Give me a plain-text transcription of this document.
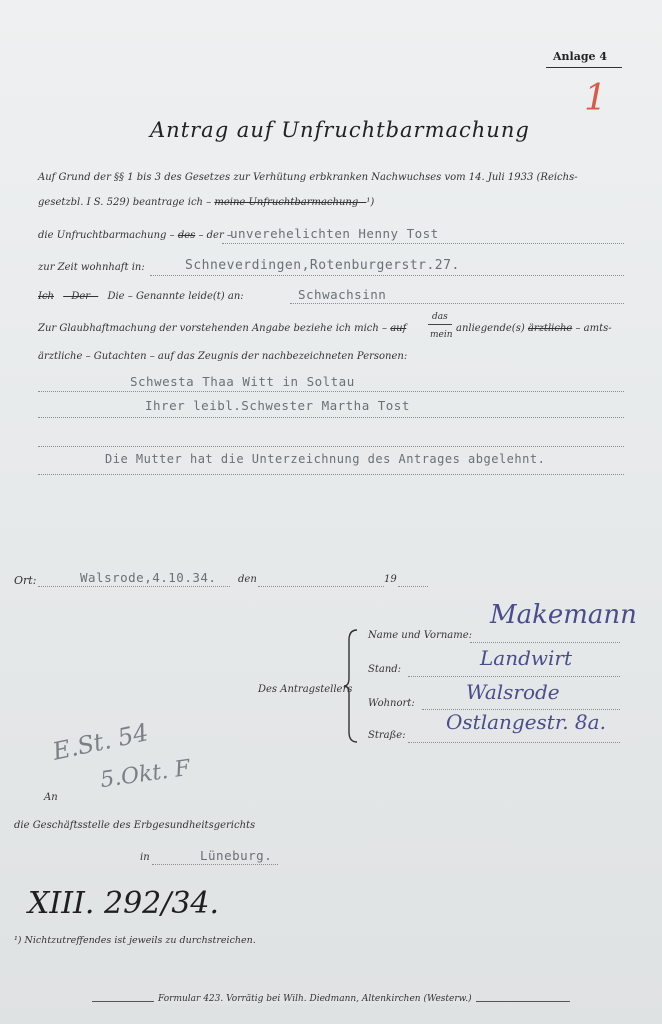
Anlage 4
1
Antrag auf Unfruchtbarmachung
Auf Grund der §§ 1 bis 3 des Gesetzes zur Verhütung erbkranken Nachwuchses vom 14. Juli 1933 (Reichs-
gesetzbl. I S. 529) beantrage ich – meine Unfruchtbarmachung –¹)
die Unfruchtbarmachung – des – der –
unverehelichten Henny Tost
zur Zeit wohnhaft in:	Schneverdingen,Rotenburgerstr.27.
Ich – Der – Die – Genannte leide(t) an:	Schwachsinn
Zur Glaubhaftmachung der vorstehenden Angabe beziehe ich mich – auf
das
mein
anliegende(s) ärztliche – amts-
ärztliche – Gutachten – auf das Zeugnis der nachbezeichneten Personen:
Schwesta Thaa Witt in Soltau
Ihrer leibl.Schwester Martha Tost
Die Mutter hat die Unterzeichnung des Antrages abgelehnt.
Ort:	Walsrode,4.10.34. den	19
Des Antragstellers
Name und Vorname:
Makemann
Stand:	Landwirt
Wohnort:	Walsrode
Straße:
Ostlangestr. 8a.
E.St. 54
5.Okt. F
An
die Geschäftsstelle des Erbgesundheitsgerichts
in	Lüneburg.
XIII. 292/34.
¹) Nichtzutreffendes ist jeweils zu durchstreichen.
Formular 423. Vorrätig bei Wilh. Diedmann, Altenkirchen (Westerw.)
